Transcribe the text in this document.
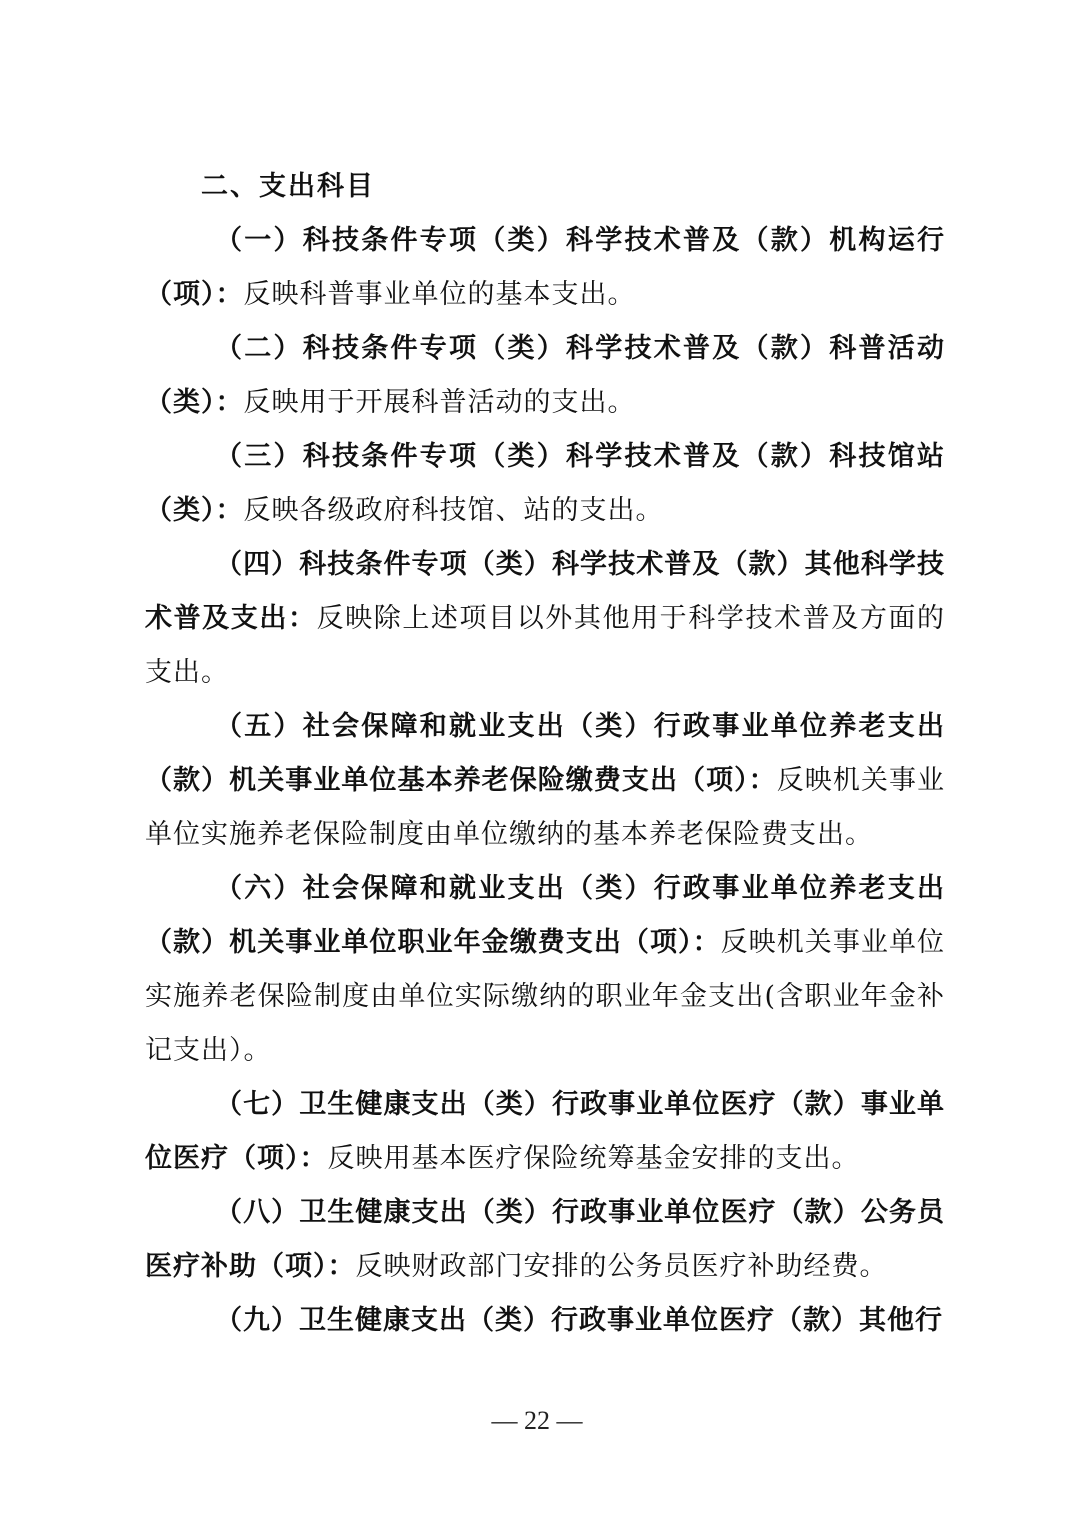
二、支出科目

（一）科技条件专项（类）科学技术普及（款）机构运行（项）：反映科普事业单位的基本支出。

（二）科技条件专项（类）科学技术普及（款）科普活动（类）：反映用于开展科普活动的支出。

（三）科技条件专项（类）科学技术普及（款）科技馆站（类）：反映各级政府科技馆、站的支出。

（四）科技条件专项（类）科学技术普及（款）其他科学技术普及支出：反映除上述项目以外其他用于科学技术普及方面的支出。

（五）社会保障和就业支出（类）行政事业单位养老支出（款）机关事业单位基本养老保险缴费支出（项）：反映机关事业单位实施养老保险制度由单位缴纳的基本养老保险费支出。

（六）社会保障和就业支出（类）行政事业单位养老支出（款）机关事业单位职业年金缴费支出（项）：反映机关事业单位实施养老保险制度由单位实际缴纳的职业年金支出(含职业年金补记支出）。

（七）卫生健康支出（类）行政事业单位医疗（款）事业单位医疗（项）：反映用基本医疗保险统筹基金安排的支出。

（八）卫生健康支出（类）行政事业单位医疗（款）公务员医疗补助（项）：反映财政部门安排的公务员医疗补助经费。

（九）卫生健康支出（类）行政事业单位医疗（款）其他行

— 22 —
